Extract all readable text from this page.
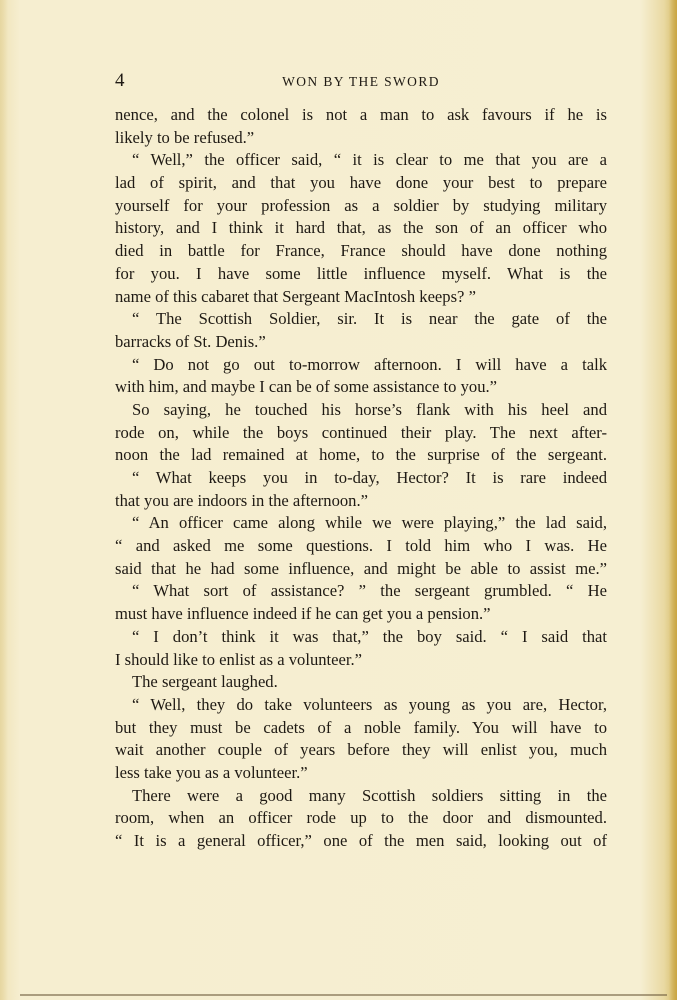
4	WON BY THE SWORD
nence, and the colonel is not a man to ask favours if he is
likely to be refused.”
“ Well,” the officer said, “ it is clear to me that you are a
lad of spirit, and that you have done your best to prepare
yourself for your profession as a soldier by studying military
history, and I think it hard that, as the son of an officer who
died in battle for France, France should have done nothing
for you. I have some little influence myself. What is the
name of this cabaret that Sergeant MacIntosh keeps? ”
“ The Scottish Soldier, sir. It is near the gate of the
barracks of St. Denis.”
“ Do not go out to-morrow afternoon. I will have a talk
with him, and maybe I can be of some assistance to you.”
So saying, he touched his horse’s flank with his heel and
rode on, while the boys continued their play. The next after-
noon the lad remained at home, to the surprise of the sergeant.
“ What keeps you in to-day, Hector? It is rare indeed
that you are indoors in the afternoon.”
“ An officer came along while we were playing,” the lad said,
“ and asked me some questions. I told him who I was. He
said that he had some influence, and might be able to assist me.”
“ What sort of assistance? ” the sergeant grumbled. “ He
must have influence indeed if he can get you a pension.”
“ I don’t think it was that,” the boy said. “ I said that
I should like to enlist as a volunteer.”
The sergeant laughed.
“ Well, they do take volunteers as young as you are, Hector,
but they must be cadets of a noble family. You will have to
wait another couple of years before they will enlist you, much
less take you as a volunteer.”
There were a good many Scottish soldiers sitting in the
room, when an officer rode up to the door and dismounted.
“ It is a general officer,” one of the men said, looking out of
